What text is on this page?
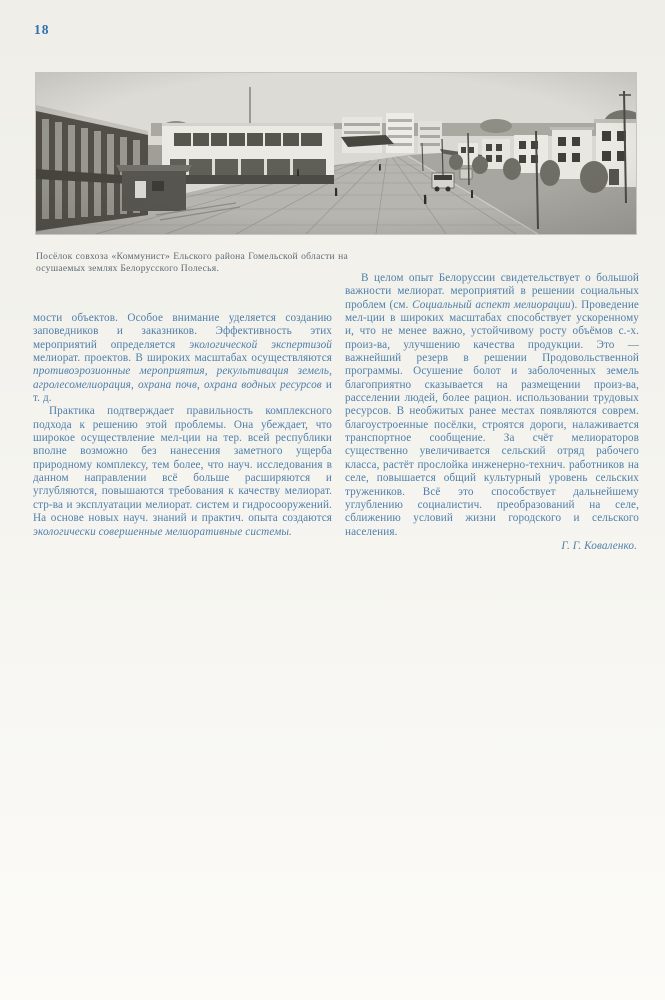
18
Посёлок совхоза «Коммунист» Ельского района Гомельской области на осушаемых землях Белорусского Полесья.

мости объектов. Особое внимание уделяется созданию заповедников и заказников. Эффективность этих мероприятий определяется экологической экспертизой мелиорат. проектов. В широких масштабах осуществляются противоэрозионные мероприятия, рекультивация земель, агролесомелиорация, охрана почв, охрана водных ресурсов и т. д.

Практика подтверждает правильность комплексного подхода к решению этой проблемы. Она убеждает, что широкое осуществление мел-ции на тер. всей республики вполне возможно без нанесения заметного ущерба природному комплексу, тем более, что науч. исследования в данном направлении всё больше расширяются и углубляются, повышаются требования к качеству мелиорат. стр-ва и эксплуатации мелиорат. систем и гидросооружений. На основе новых науч. знаний и практич. опыта создаются экологически совершенные мелиоративные системы.

В целом опыт Белоруссии свидетельствует о большой важности мелиорат. мероприятий в решении социальных проблем (см. Социальный аспект мелиорации). Проведение мел-ции в широких масштабах способствует ускоренному и, что не менее важно, устойчивому росту объёмов с.-х. произ-ва, улучшению качества продукции. Это — важнейший резерв в решении Продовольственной программы. Осушение болот и заболоченных земель благоприятно сказывается на размещении произ-ва, расселении людей, более рацион. использовании трудовых ресурсов. В необжитых ранее местах появляются соврем. благоустроенные посёлки, строятся дороги, налаживается транспортное сообщение. За счёт мелиораторов существенно увеличивается сельский отряд рабочего класса, растёт прослойка инженерно-технич. работников на селе, повышается общий культурный уровень сельских тружеников. Всё это способствует дальнейшему углублению социалистич. преобразований на селе, сближению условий жизни городского и сельского населения.

Г. Г. Коваленко.
